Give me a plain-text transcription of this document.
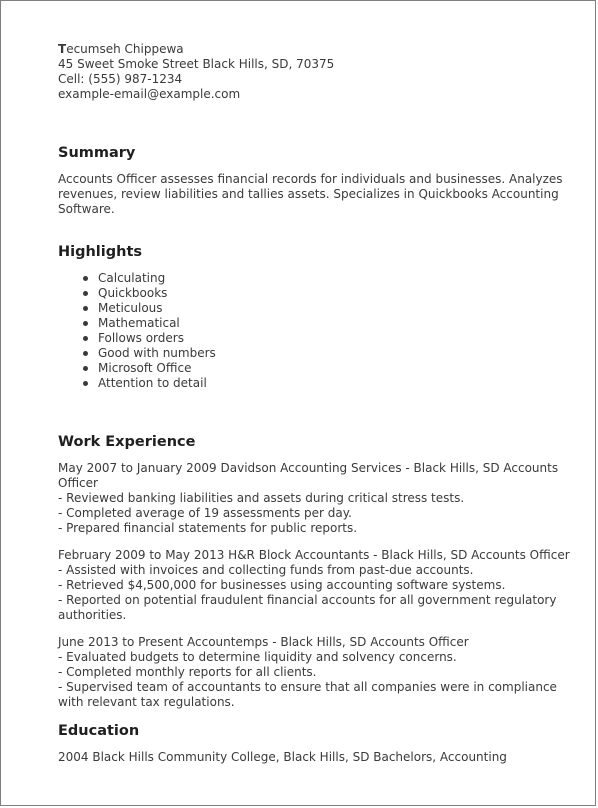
Tecumseh Chippewa
45 Sweet Smoke Street Black Hills, SD, 70375
Cell: (555) 987-1234
example-email@example.com
Summary
Accounts Officer assesses financial records for individuals and businesses. Analyzes revenues, review liabilities and tallies assets. Specializes in Quickbooks Accounting Software.
Highlights
Calculating
Quickbooks
Meticulous
Mathematical
Follows orders
Good with numbers
Microsoft Office
Attention to detail
Work Experience
May 2007 to January 2009 Davidson Accounting Services - Black Hills, SD Accounts Officer
- Reviewed banking liabilities and assets during critical stress tests.
- Completed average of 19 assessments per day.
- Prepared financial statements for public reports.
February 2009 to May 2013 H&R Block Accountants - Black Hills, SD Accounts Officer
- Assisted with invoices and collecting funds from past-due accounts.
- Retrieved $4,500,000 for businesses using accounting software systems.
- Reported on potential fraudulent financial accounts for all government regulatory authorities.
June 2013 to Present Accountemps - Black Hills, SD Accounts Officer
- Evaluated budgets to determine liquidity and solvency concerns.
- Completed monthly reports for all clients.
- Supervised team of accountants to ensure that all companies were in compliance with relevant tax regulations.
Education
2004 Black Hills Community College, Black Hills, SD Bachelors, Accounting
